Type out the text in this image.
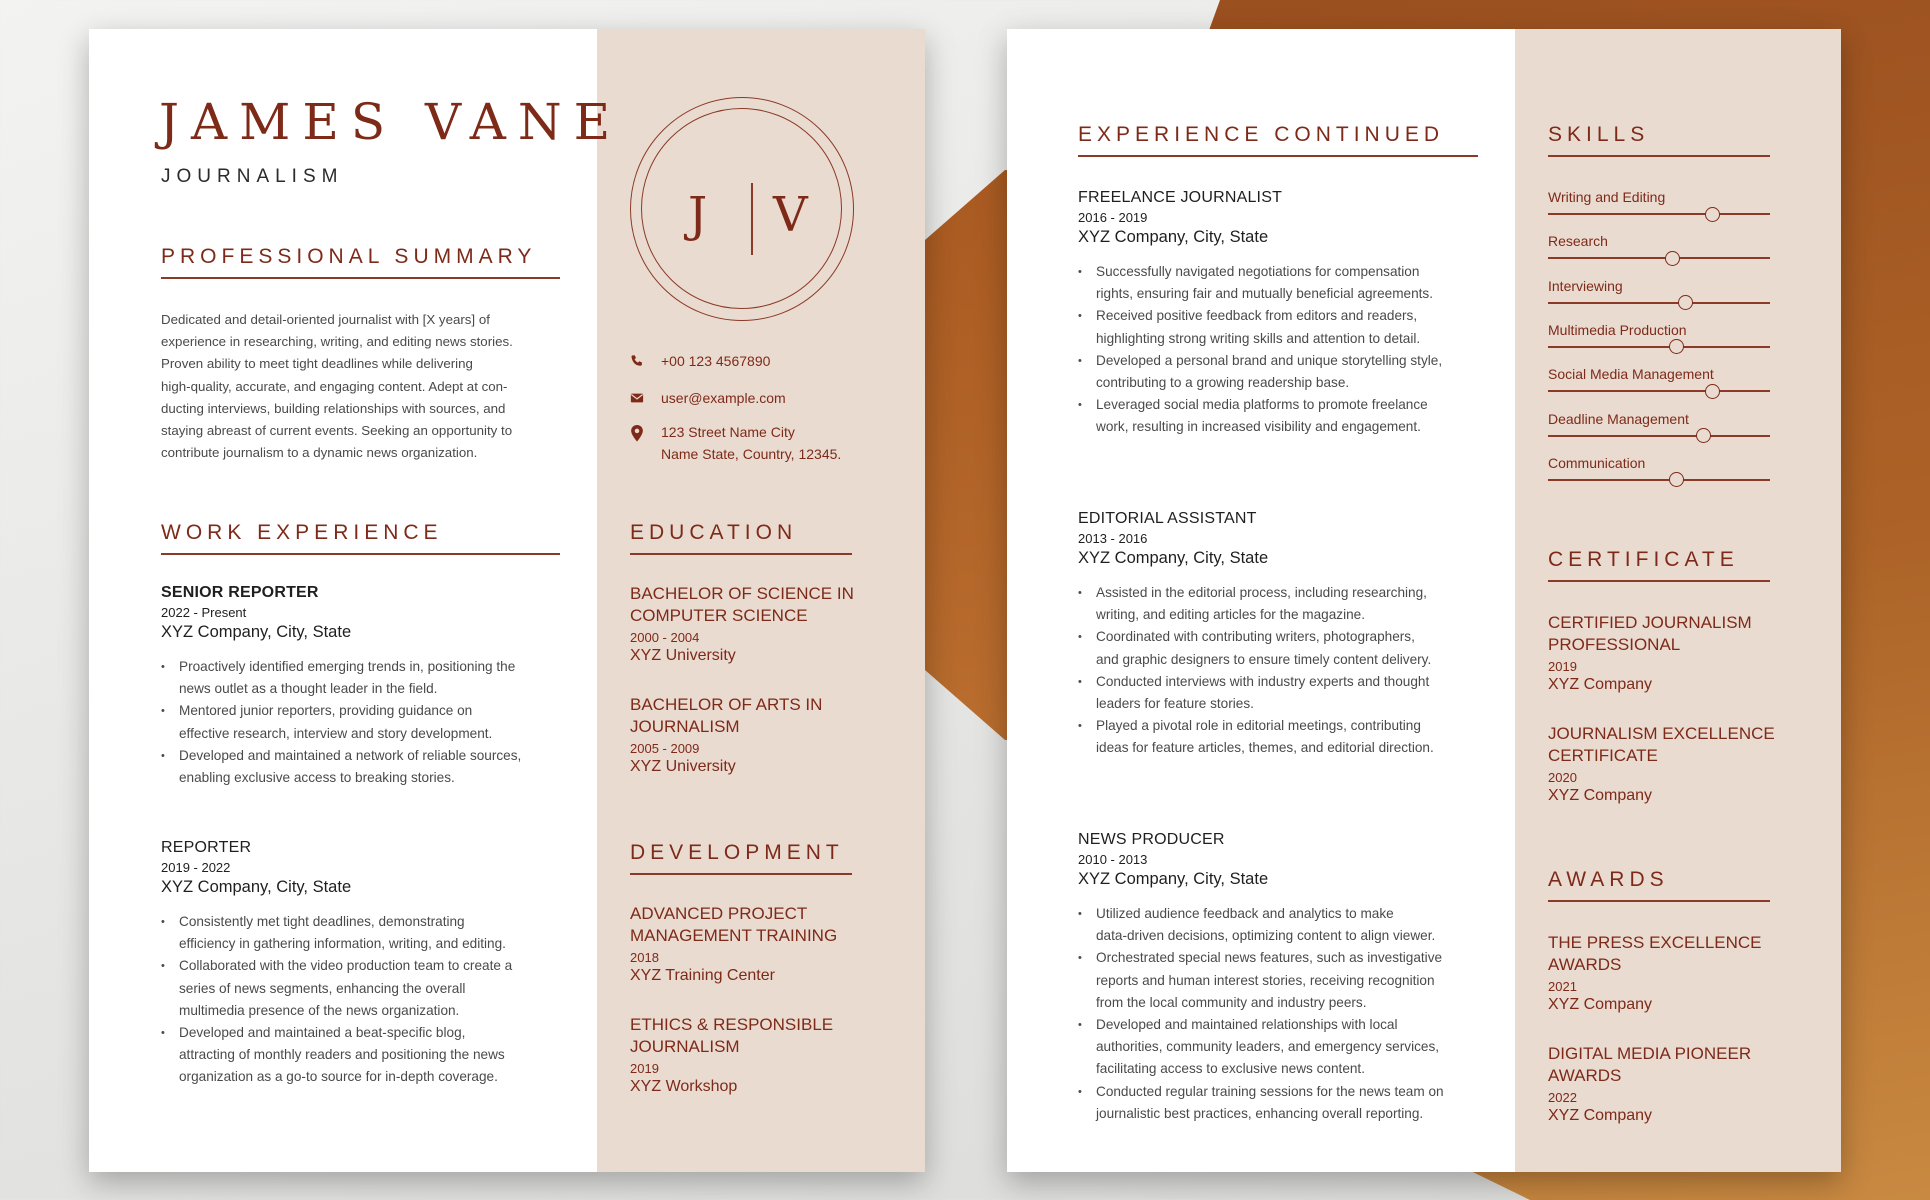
JAMES VANE
JOURNALISM
PROFESSIONAL SUMMARY
Dedicated and detail-oriented journalist with [X years] of
experience in researching, writing, and editing news stories.
Proven ability to meet tight deadlines while delivering
high-quality, accurate, and engaging content. Adept at con-
ducting interviews, building relationships with sources, and
staying abreast of current events. Seeking an opportunity to
contribute journalism to a dynamic news organization.
WORK EXPERIENCE
SENIOR REPORTER
2022 - Present
XYZ Company, City, State
• Proactively identified emerging trends in, positioning the
news outlet as a thought leader in the field.
• Mentored junior reporters, providing guidance on
effective research, interview and story development.
• Developed and maintained a network of reliable sources,
enabling exclusive access to breaking stories.
REPORTER
2019 - 2022
XYZ Company, City, State
• Consistently met tight deadlines, demonstrating
efficiency in gathering information, writing, and editing.
• Collaborated with the video production team to create a
series of news segments, enhancing the overall
multimedia presence of the news organization.
• Developed and maintained a beat-specific blog,
attracting of monthly readers and positioning the news
organization as a go-to source for in-depth coverage.
J V
+00 123 4567890
user@example.com
123 Street Name City
Name State, Country, 12345.
EDUCATION
BACHELOR OF SCIENCE IN
COMPUTER SCIENCE
2000 - 2004
XYZ University
BACHELOR OF ARTS IN
JOURNALISM
2005 - 2009
XYZ University
DEVELOPMENT
ADVANCED PROJECT
MANAGEMENT TRAINING
2018
XYZ Training Center
ETHICS & RESPONSIBLE
JOURNALISM
2019
XYZ Workshop
EXPERIENCE CONTINUED
FREELANCE JOURNALIST
2016 - 2019
XYZ Company, City, State
• Successfully navigated negotiations for compensation
rights, ensuring fair and mutually beneficial agreements.
• Received positive feedback from editors and readers,
highlighting strong writing skills and attention to detail.
• Developed a personal brand and unique storytelling style,
contributing to a growing readership base.
• Leveraged social media platforms to promote freelance
work, resulting in increased visibility and engagement.
EDITORIAL ASSISTANT
2013 - 2016
XYZ Company, City, State
• Assisted in the editorial process, including researching,
writing, and editing articles for the magazine.
• Coordinated with contributing writers, photographers,
and graphic designers to ensure timely content delivery.
• Conducted interviews with industry experts and thought
leaders for feature stories.
• Played a pivotal role in editorial meetings, contributing
ideas for feature articles, themes, and editorial direction.
NEWS PRODUCER
2010 - 2013
XYZ Company, City, State
• Utilized audience feedback and analytics to make
data-driven decisions, optimizing content to align viewer.
• Orchestrated special news features, such as investigative
reports and human interest stories, receiving recognition
from the local community and industry peers.
• Developed and maintained relationships with local
authorities, community leaders, and emergency services,
facilitating access to exclusive news content.
• Conducted regular training sessions for the news team on
journalistic best practices, enhancing overall reporting.
SKILLS
Writing and Editing
Research
Interviewing
Multimedia Production
Social Media Management
Deadline Management
Communication
CERTIFICATE
CERTIFIED JOURNALISM
PROFESSIONAL
2019
XYZ Company
JOURNALISM EXCELLENCE
CERTIFICATE
2020
XYZ Company
AWARDS
THE PRESS EXCELLENCE
AWARDS
2021
XYZ Company
DIGITAL MEDIA PIONEER
AWARDS
2022
XYZ Company
